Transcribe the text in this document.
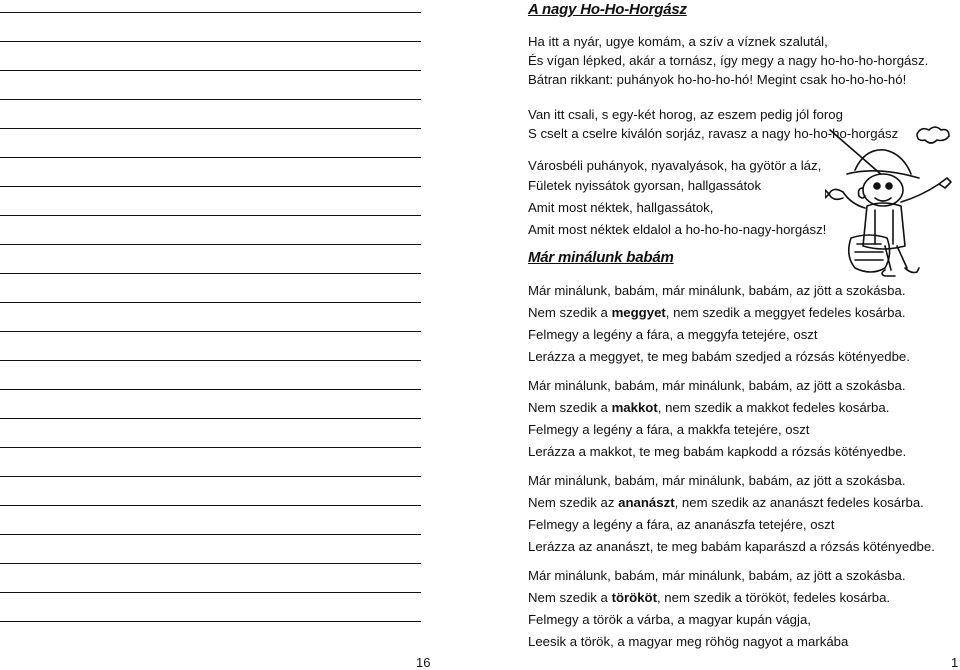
16
A nagy Ho-Ho-Horgász
Ha itt a nyár, ugye komám, a szív a víznek szalutál,
És vígan lépked, akár a tornász, így megy a nagy ho-ho-ho-horgász.
Bátran rikkant: puhányok ho-ho-ho-hó! Megint csak ho-ho-ho-hó!
Van itt csali, s egy-két horog, az eszem pedig jól forog
S cselt a cselre kiválón sorjáz, ravasz a nagy ho-ho-ho-horgász
Városbéli puhányok, nyavalyások, ha gyötör a láz,
Fületek nyissátok gyorsan, hallgassátok
Amit most néktek, hallgassátok,
Amit most néktek eldalol a ho-ho-ho-nagy-horgász!
Már minálunk babám
Már minálunk, babám, már minálunk, babám, az jött a szokásba.
Nem szedik a meggyet, nem szedik a meggyet fedeles kosárba.
Felmegy a legény a fára, a meggyfa tetejére, oszt
Lerázza a meggyet, te meg babám szedjed a rózsás kötényedbe.
Már minálunk, babám, már minálunk, babám, az jött a szokásba.
Nem szedik a makkot, nem szedik a makkot fedeles kosárba.
Felmegy a legény a fára, a makkfa tetejére, oszt
Lerázza a makkot, te meg babám kapkodd a rózsás kötényedbe.
Már minálunk, babám, már minálunk, babám, az jött a szokásba.
Nem szedik az ananászt, nem szedik az ananászt fedeles kosárba.
Felmegy a legény a fára, az ananászfa tetejére, oszt
Lerázza az ananászt, te meg babám kaparászd a rózsás kötényedbe.
Már minálunk, babám, már minálunk, babám, az jött a szokásba.
Nem szedik a törököt, nem szedik a törököt, fedeles kosárba.
Felmegy a török a várba, a magyar kupán vágja,
Leesik a török, a magyar meg röhög nagyot a markába
1
